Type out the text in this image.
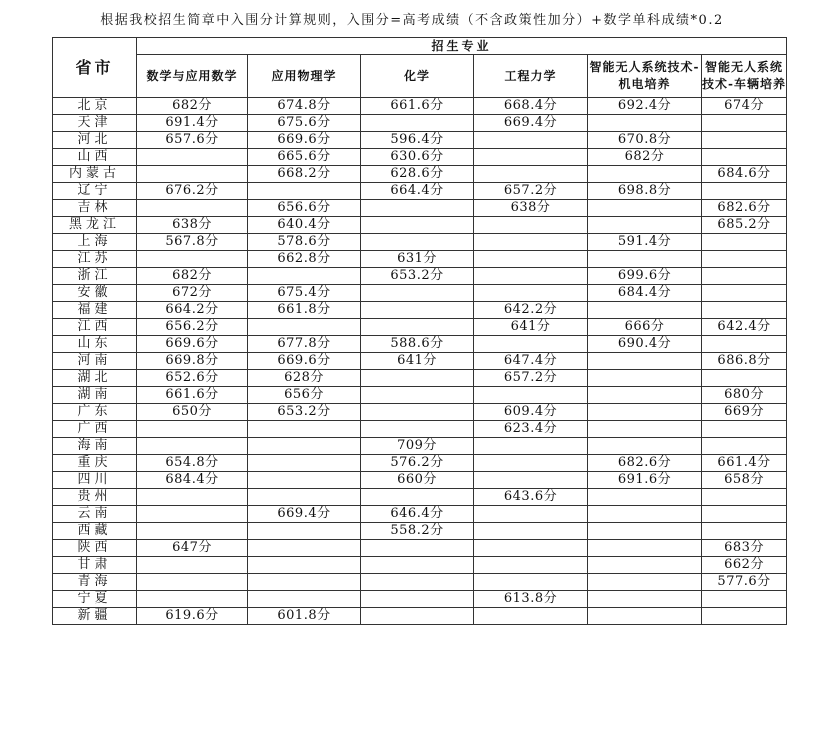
根据我校招生简章中入围分计算规则，入围分=高考成绩（不含政策性加分）+数学单科成绩*0.2
省市	招生专业					
	数学与应用数学	应用物理学	化学	工程力学	智能无人系统技术-机电培养	智能无人系统技术-车辆培养
北京	682分	674.8分	661.6分	668.4分	692.4分	674分
天津	691.4分	675.6分		669.4分		
河北	657.6分	669.6分	596.4分		670.8分	
山西		665.6分	630.6分		682分	
内蒙古		668.2分	628.6分			684.6分
辽宁	676.2分		664.4分	657.2分	698.8分	
吉林		656.6分		638分		682.6分
黑龙江	638分	640.4分				685.2分
上海	567.8分	578.6分			591.4分	
江苏		662.8分	631分			
浙江	682分		653.2分		699.6分	
安徽	672分	675.4分			684.4分	
福建	664.2分	661.8分		642.2分		
江西	656.2分			641分	666分	642.4分
山东	669.6分	677.8分	588.6分		690.4分	
河南	669.8分	669.6分	641分	647.4分		686.8分
湖北	652.6分	628分		657.2分		
湖南	661.6分	656分				680分
广东	650分	653.2分		609.4分		669分
广西				623.4分		
海南			709分			
重庆	654.8分		576.2分		682.6分	661.4分
四川	684.4分		660分		691.6分	658分
贵州				643.6分		
云南		669.4分	646.4分			
西藏			558.2分			
陕西	647分					683分
甘肃						662分
青海						577.6分
宁夏				613.8分		
新疆	619.6分	601.8分				
